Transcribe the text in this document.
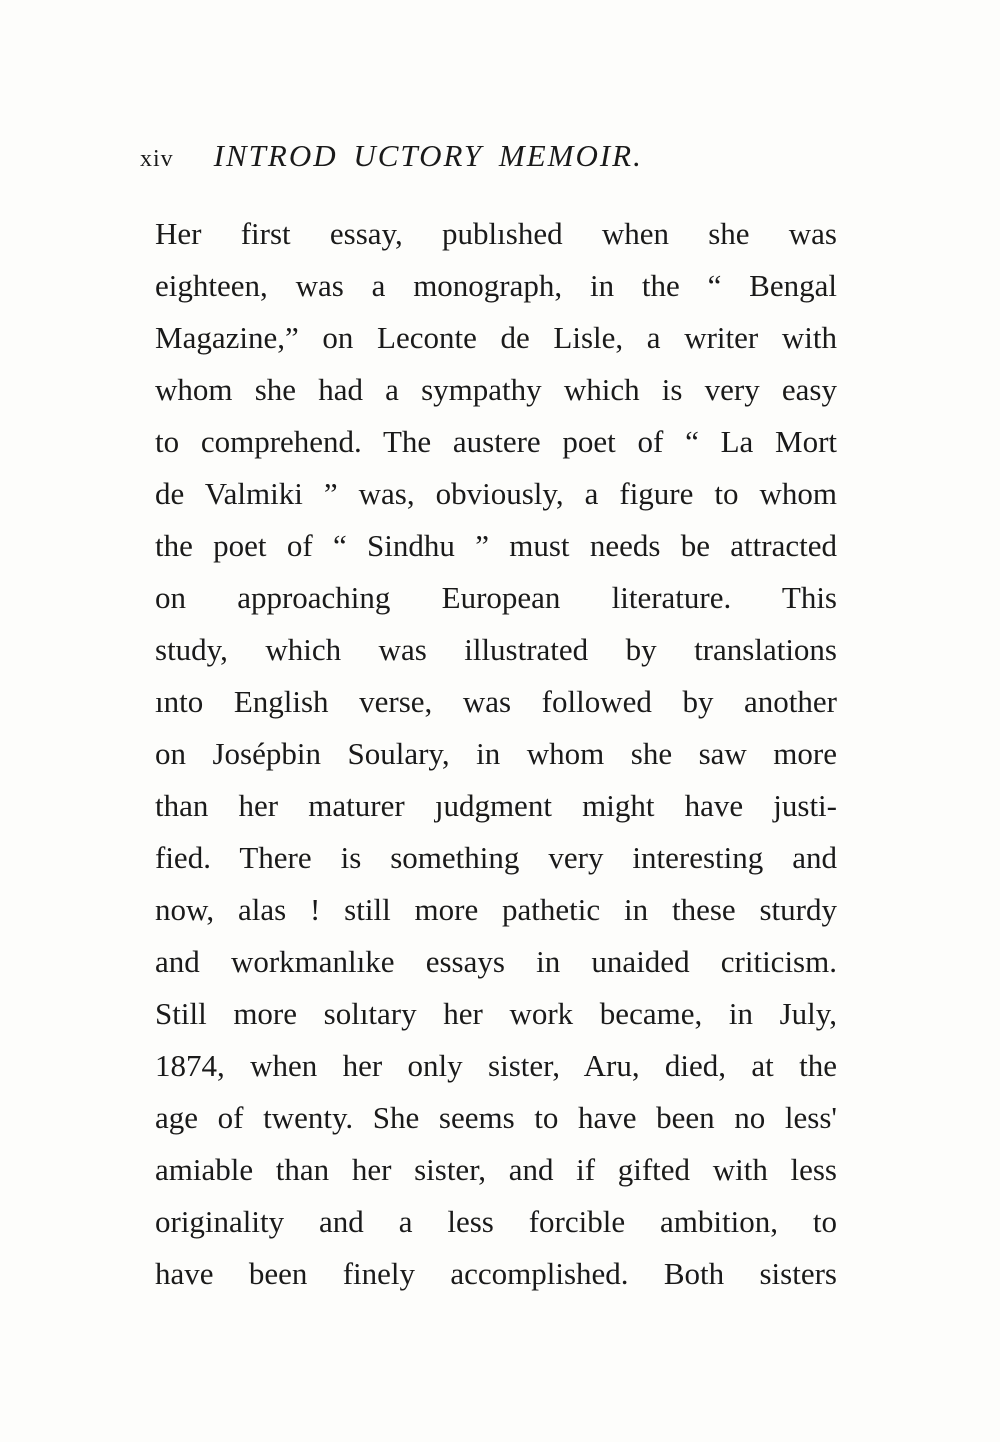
xiv INTROD UCTORY MEMOIR.
Her first essay, publıshed when she was
eighteen, was a monograph, in the “ Bengal
Magazine,” on Leconte de Lisle, a writer with
whom she had a sympathy which is very easy
to comprehend. The austere poet of “ La Mort
de Valmiki ” was, obviously, a figure to whom
the poet of “ Sindhu ” must needs be attracted
on approaching European literature. This
study, which was illustrated by translations
ınto English verse, was followed by another
on Josépbin Soulary, in whom she saw more
than her maturer ȷudgment might have justi-
fied. There is something very interesting and
now, alas ! still more pathetic in these sturdy
and workmanlıke essays in unaided criticism.
Still more solıtary her work became, in July,
1874, when her only sister, Aru, died, at the
age of twenty. She seems to have been no less'
amiable than her sister, and if gifted with less
originality and a less forcible ambition, to
have been finely accomplished. Both sisters
